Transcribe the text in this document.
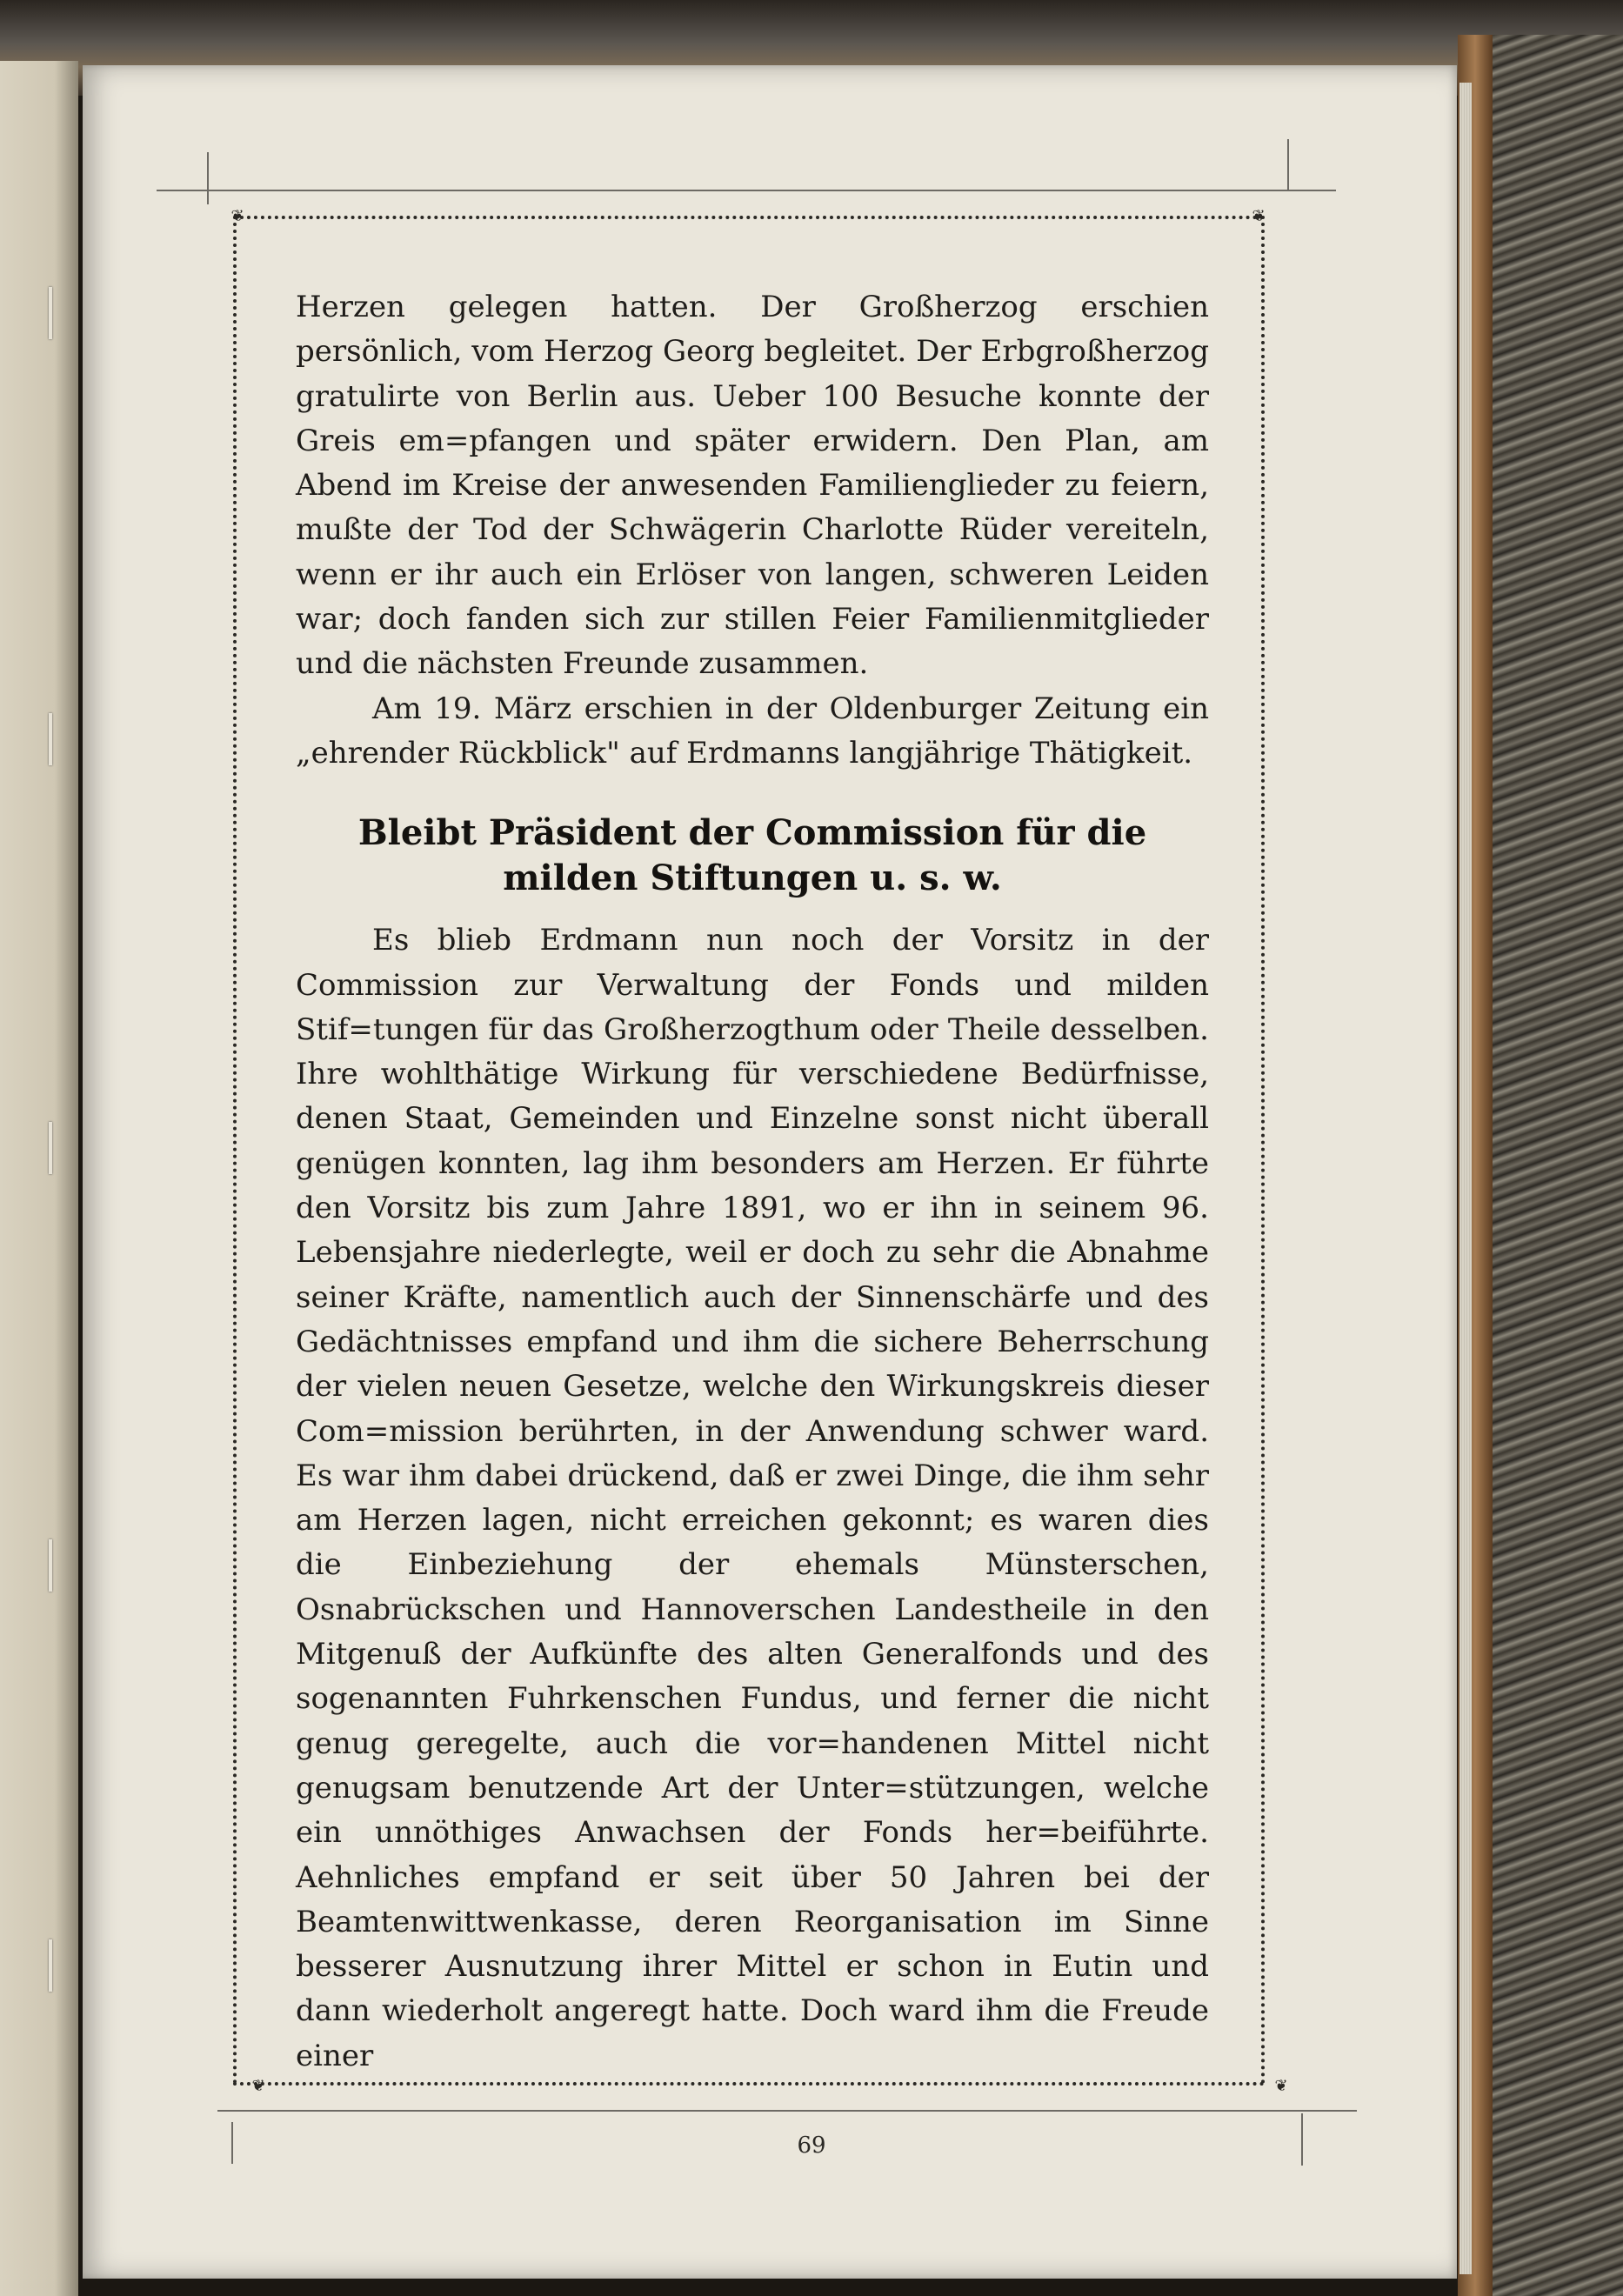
❦	❦
❦	❦

Herzen gelegen hatten. Der Großherzog erschien persönlich, vom Herzog Georg begleitet. Der Erbgroßherzog gratulirte von Berlin aus. Ueber 100 Besuche konnte der Greis em=pfangen und später erwidern. Den Plan, am Abend im Kreise der anwesenden Familienglieder zu feiern, mußte der Tod der Schwägerin Charlotte Rüder vereiteln, wenn er ihr auch ein Erlöser von langen, schweren Leiden war; doch fanden sich zur stillen Feier Familienmitglieder und die nächsten Freunde zusammen.

Am 19. März erschien in der Oldenburger Zeitung ein „ehrender Rückblick" auf Erdmanns langjährige Thätigkeit.

Bleibt Präsident der Commission für die milden Stiftungen u. s. w.

Es blieb Erdmann nun noch der Vorsitz in der Commission zur Verwaltung der Fonds und milden Stif=tungen für das Großherzogthum oder Theile desselben. Ihre wohlthätige Wirkung für verschiedene Bedürfnisse, denen Staat, Gemeinden und Einzelne sonst nicht überall genügen konnten, lag ihm besonders am Herzen. Er führte den Vorsitz bis zum Jahre 1891, wo er ihn in seinem 96. Lebensjahre niederlegte, weil er doch zu sehr die Abnahme seiner Kräfte, namentlich auch der Sinnenschärfe und des Gedächtnisses empfand und ihm die sichere Beherrschung der vielen neuen Gesetze, welche den Wirkungskreis dieser Com=mission berührten, in der Anwendung schwer ward. Es war ihm dabei drückend, daß er zwei Dinge, die ihm sehr am Herzen lagen, nicht erreichen gekonnt; es waren dies die Einbeziehung der ehemals Münsterschen, Osnabrückschen und Hannoverschen Landestheile in den Mitgenuß der Aufkünfte des alten Generalfonds und des sogenannten Fuhrkenschen Fundus, und ferner die nicht genug geregelte, auch die vor=handenen Mittel nicht genugsam benutzende Art der Unter=stützungen, welche ein unnöthiges Anwachsen der Fonds her=beiführte. Aehnliches empfand er seit über 50 Jahren bei der Beamtenwittwenkasse, deren Reorganisation im Sinne besserer Ausnutzung ihrer Mittel er schon in Eutin und dann wiederholt angeregt hatte. Doch ward ihm die Freude einer

69
